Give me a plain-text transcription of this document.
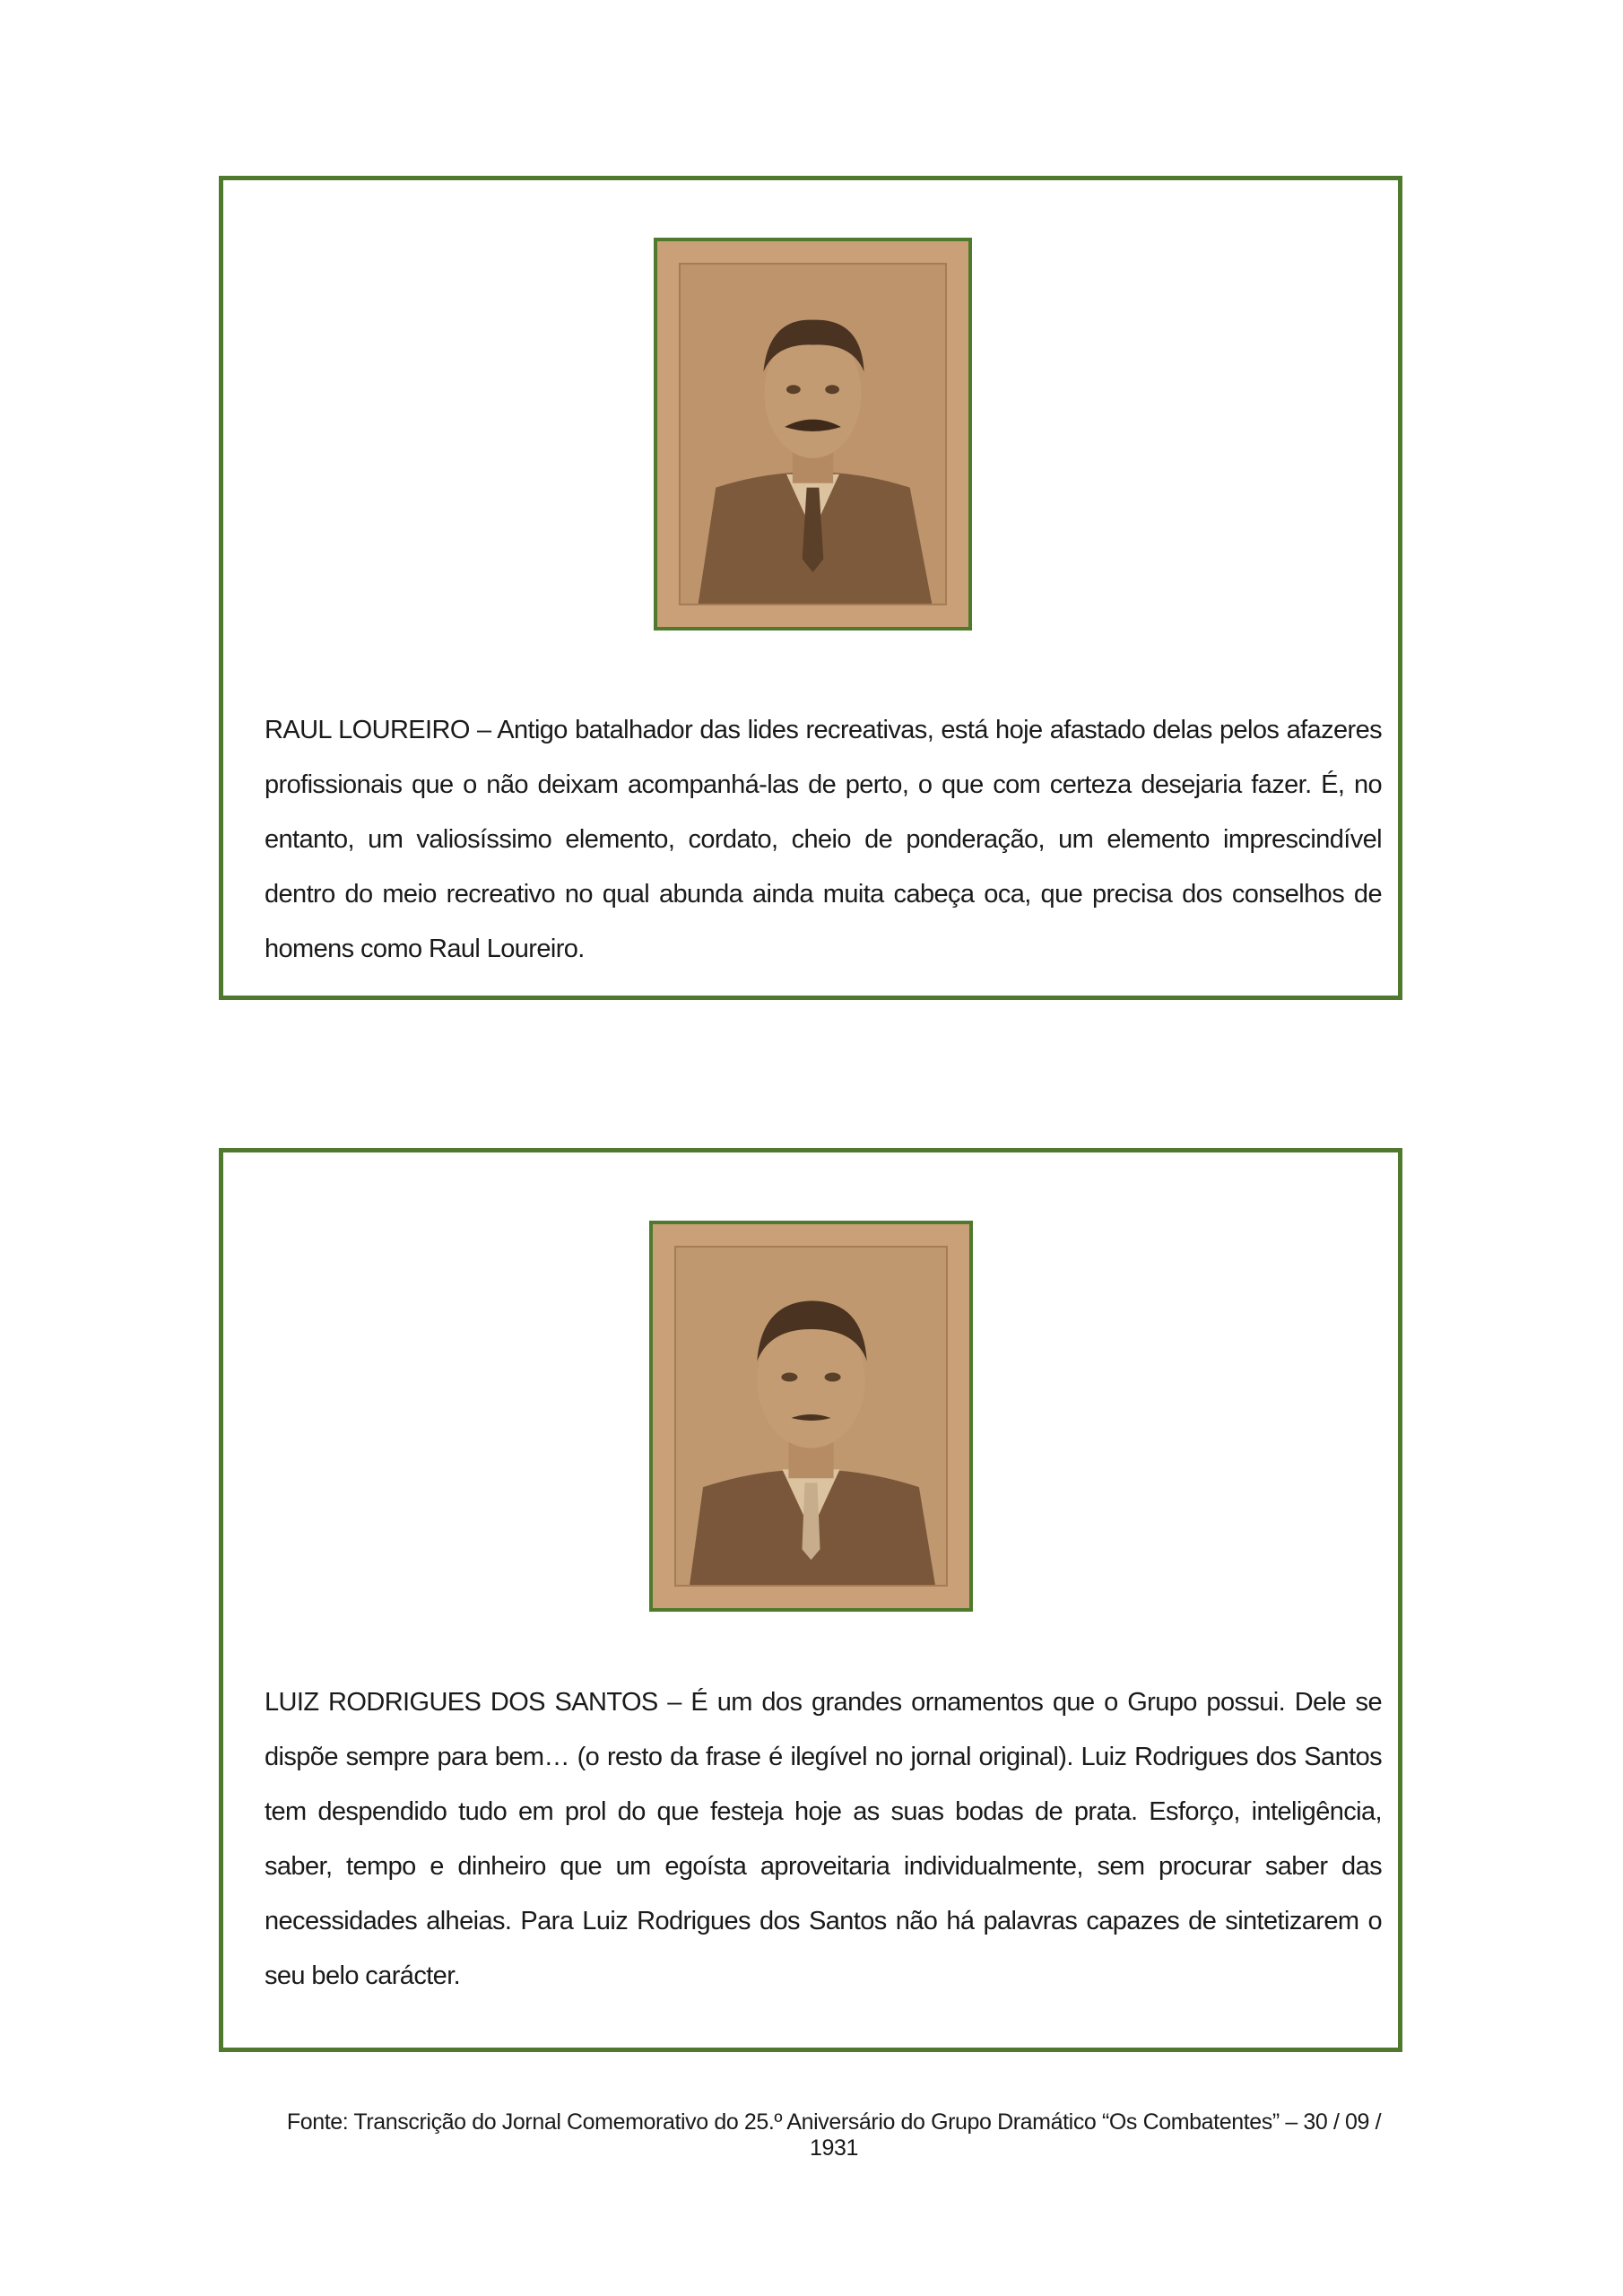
RAUL LOUREIRO – Antigo batalhador das lides recreativas, está hoje afastado delas pelos afazeres profissionais que o não deixam acompanhá-las de perto, o que com certeza desejaria fazer. É, no entanto, um valiosíssimo elemento, cordato, cheio de ponderação, um elemento imprescindível dentro do meio recreativo no qual abunda ainda muita cabeça oca, que precisa dos conselhos de homens como Raul Loureiro.

LUIZ RODRIGUES DOS SANTOS – É um dos grandes ornamentos que o Grupo possui. Dele se dispõe sempre para bem… (o resto da frase é ilegível no jornal original). Luiz Rodrigues dos Santos tem despendido tudo em prol do que festeja hoje as suas bodas de prata. Esforço, inteligência, saber, tempo e dinheiro que um egoísta aproveitaria individualmente, sem procurar saber das necessidades alheias. Para Luiz Rodrigues dos Santos não há palavras capazes de sintetizarem o seu belo carácter.

Fonte: Transcrição do Jornal Comemorativo do 25.º Aniversário do Grupo Dramático “Os Combatentes” – 30 / 09 / 1931
